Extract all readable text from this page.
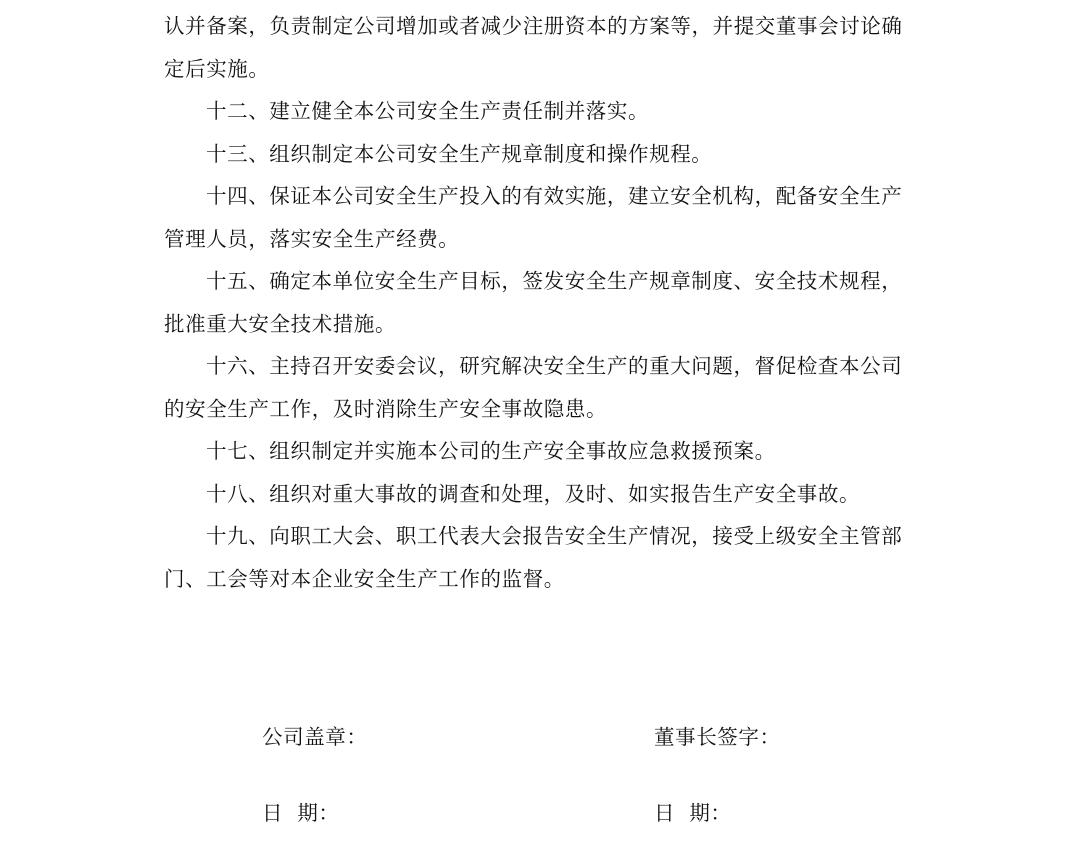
认并备案，负责制定公司增加或者减少注册资本的方案等，并提交董事会讨论确
定后实施。
十二、建立健全本公司安全生产责任制并落实。
十三、组织制定本公司安全生产规章制度和操作规程。
十四、保证本公司安全生产投入的有效实施，建立安全机构，配备安全生产
管理人员，落实安全生产经费。
十五、确定本单位安全生产目标，签发安全生产规章制度、安全技术规程，
批准重大安全技术措施。
十六、主持召开安委会议，研究解决安全生产的重大问题，督促检查本公司
的安全生产工作，及时消除生产安全事故隐患。
十七、组织制定并实施本公司的生产安全事故应急救援预案。
十八、组织对重大事故的调查和处理，及时、如实报告生产安全事故。
十九、向职工大会、职工代表大会报告安全生产情况，接受上级安全主管部
门、工会等对本企业安全生产工作的监督。
公司盖章：	董事长签字：
日  期：	日  期：
